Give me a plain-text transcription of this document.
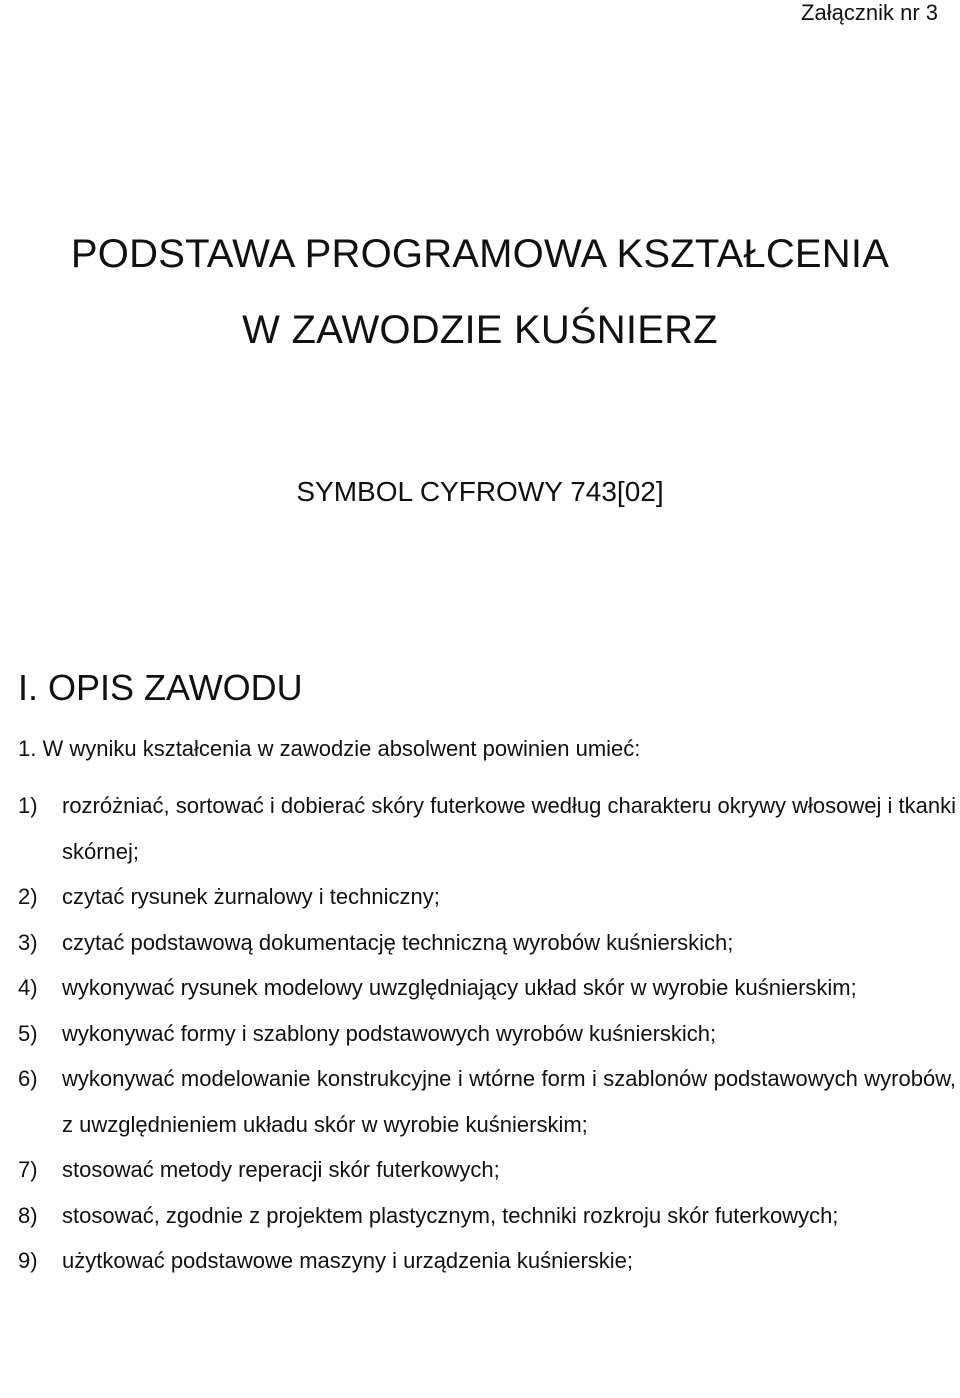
Załącznik nr 3
PODSTAWA PROGRAMOWA KSZTAŁCENIA
W ZAWODZIE KUŚNIERZ
SYMBOL CYFROWY 743[02]
I. OPIS ZAWODU
1. W wyniku kształcenia w zawodzie absolwent powinien umieć:
1)	rozróżniać, sortować i dobierać skóry futerkowe według charakteru okrywy włosowej i tkanki skórnej;
2)	czytać rysunek żurnalowy i techniczny;
3)	czytać podstawową dokumentację techniczną wyrobów kuśnierskich;
4)	wykonywać rysunek modelowy uwzględniający układ skór w wyrobie kuśnierskim;
5)	wykonywać formy i szablony podstawowych wyrobów kuśnierskich;
6)	wykonywać modelowanie konstrukcyjne i wtórne form i szablonów podstawowych wyrobów, z uwzględnieniem układu skór w wyrobie kuśnierskim;
7)	stosować metody reperacji skór futerkowych;
8)	stosować, zgodnie z projektem plastycznym, techniki rozkroju skór futerkowych;
9)	użytkować podstawowe maszyny i urządzenia kuśnierskie;
